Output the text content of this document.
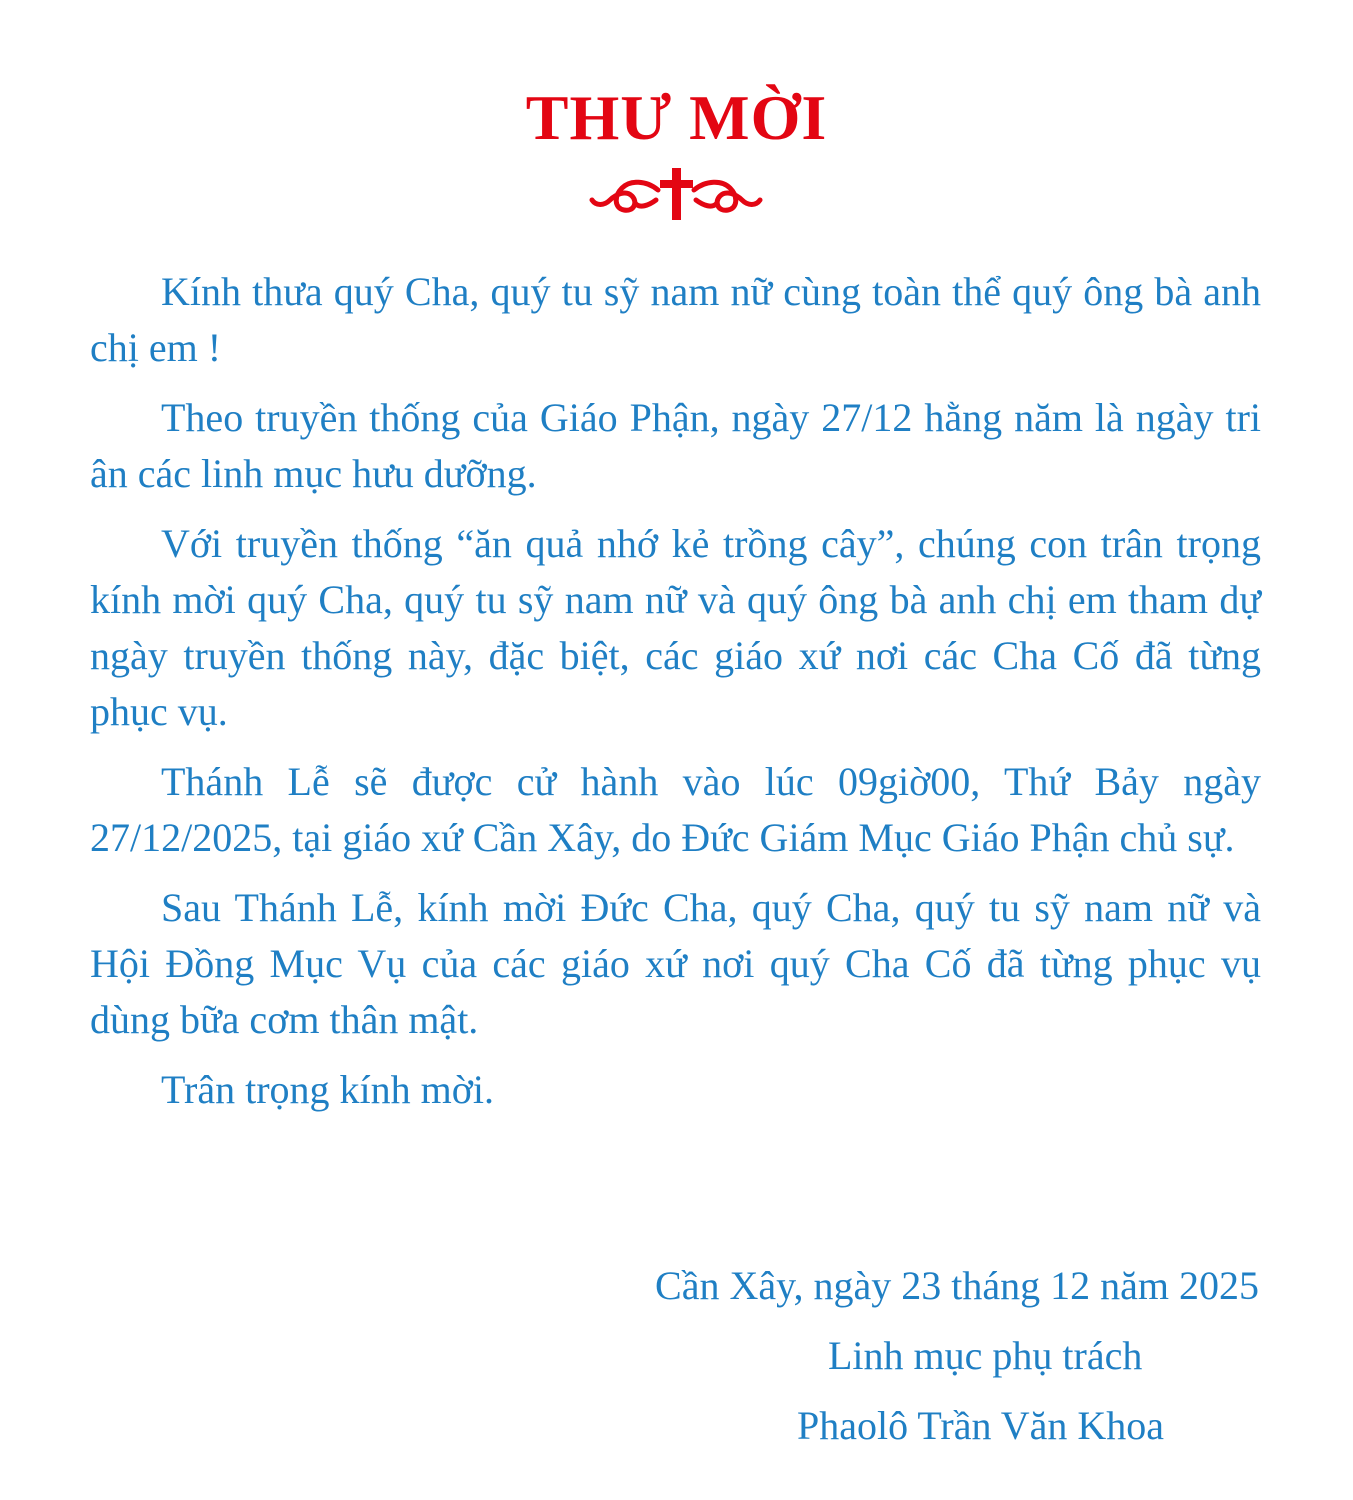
THƯ MỜI

Kính thưa quý Cha, quý tu sỹ nam nữ cùng toàn thể quý ông bà anh chị em !

Theo truyền thống của Giáo Phận, ngày 27/12 hằng năm là ngày tri ân các linh mục hưu dưỡng.

Với truyền thống “ăn quả nhớ kẻ trồng cây”, chúng con trân trọng kính mời quý Cha, quý tu sỹ nam nữ và quý ông bà anh chị em tham dự ngày truyền thống này, đặc biệt, các giáo xứ nơi các Cha Cố đã từng phục vụ.

Thánh Lễ sẽ được cử hành vào lúc 09giờ00, Thứ Bảy ngày 27/12/2025, tại giáo xứ Cần Xây, do Đức Giám Mục Giáo Phận chủ sự.

Sau Thánh Lễ, kính mời Đức Cha, quý Cha, quý tu sỹ nam nữ và Hội Đồng Mục Vụ của các giáo xứ nơi quý Cha Cố đã từng phục vụ dùng bữa cơm thân mật.

Trân trọng kính mời.

Cần Xây, ngày 23 tháng 12 năm 2025
Linh mục phụ trách
Phaolô Trần Văn Khoa
